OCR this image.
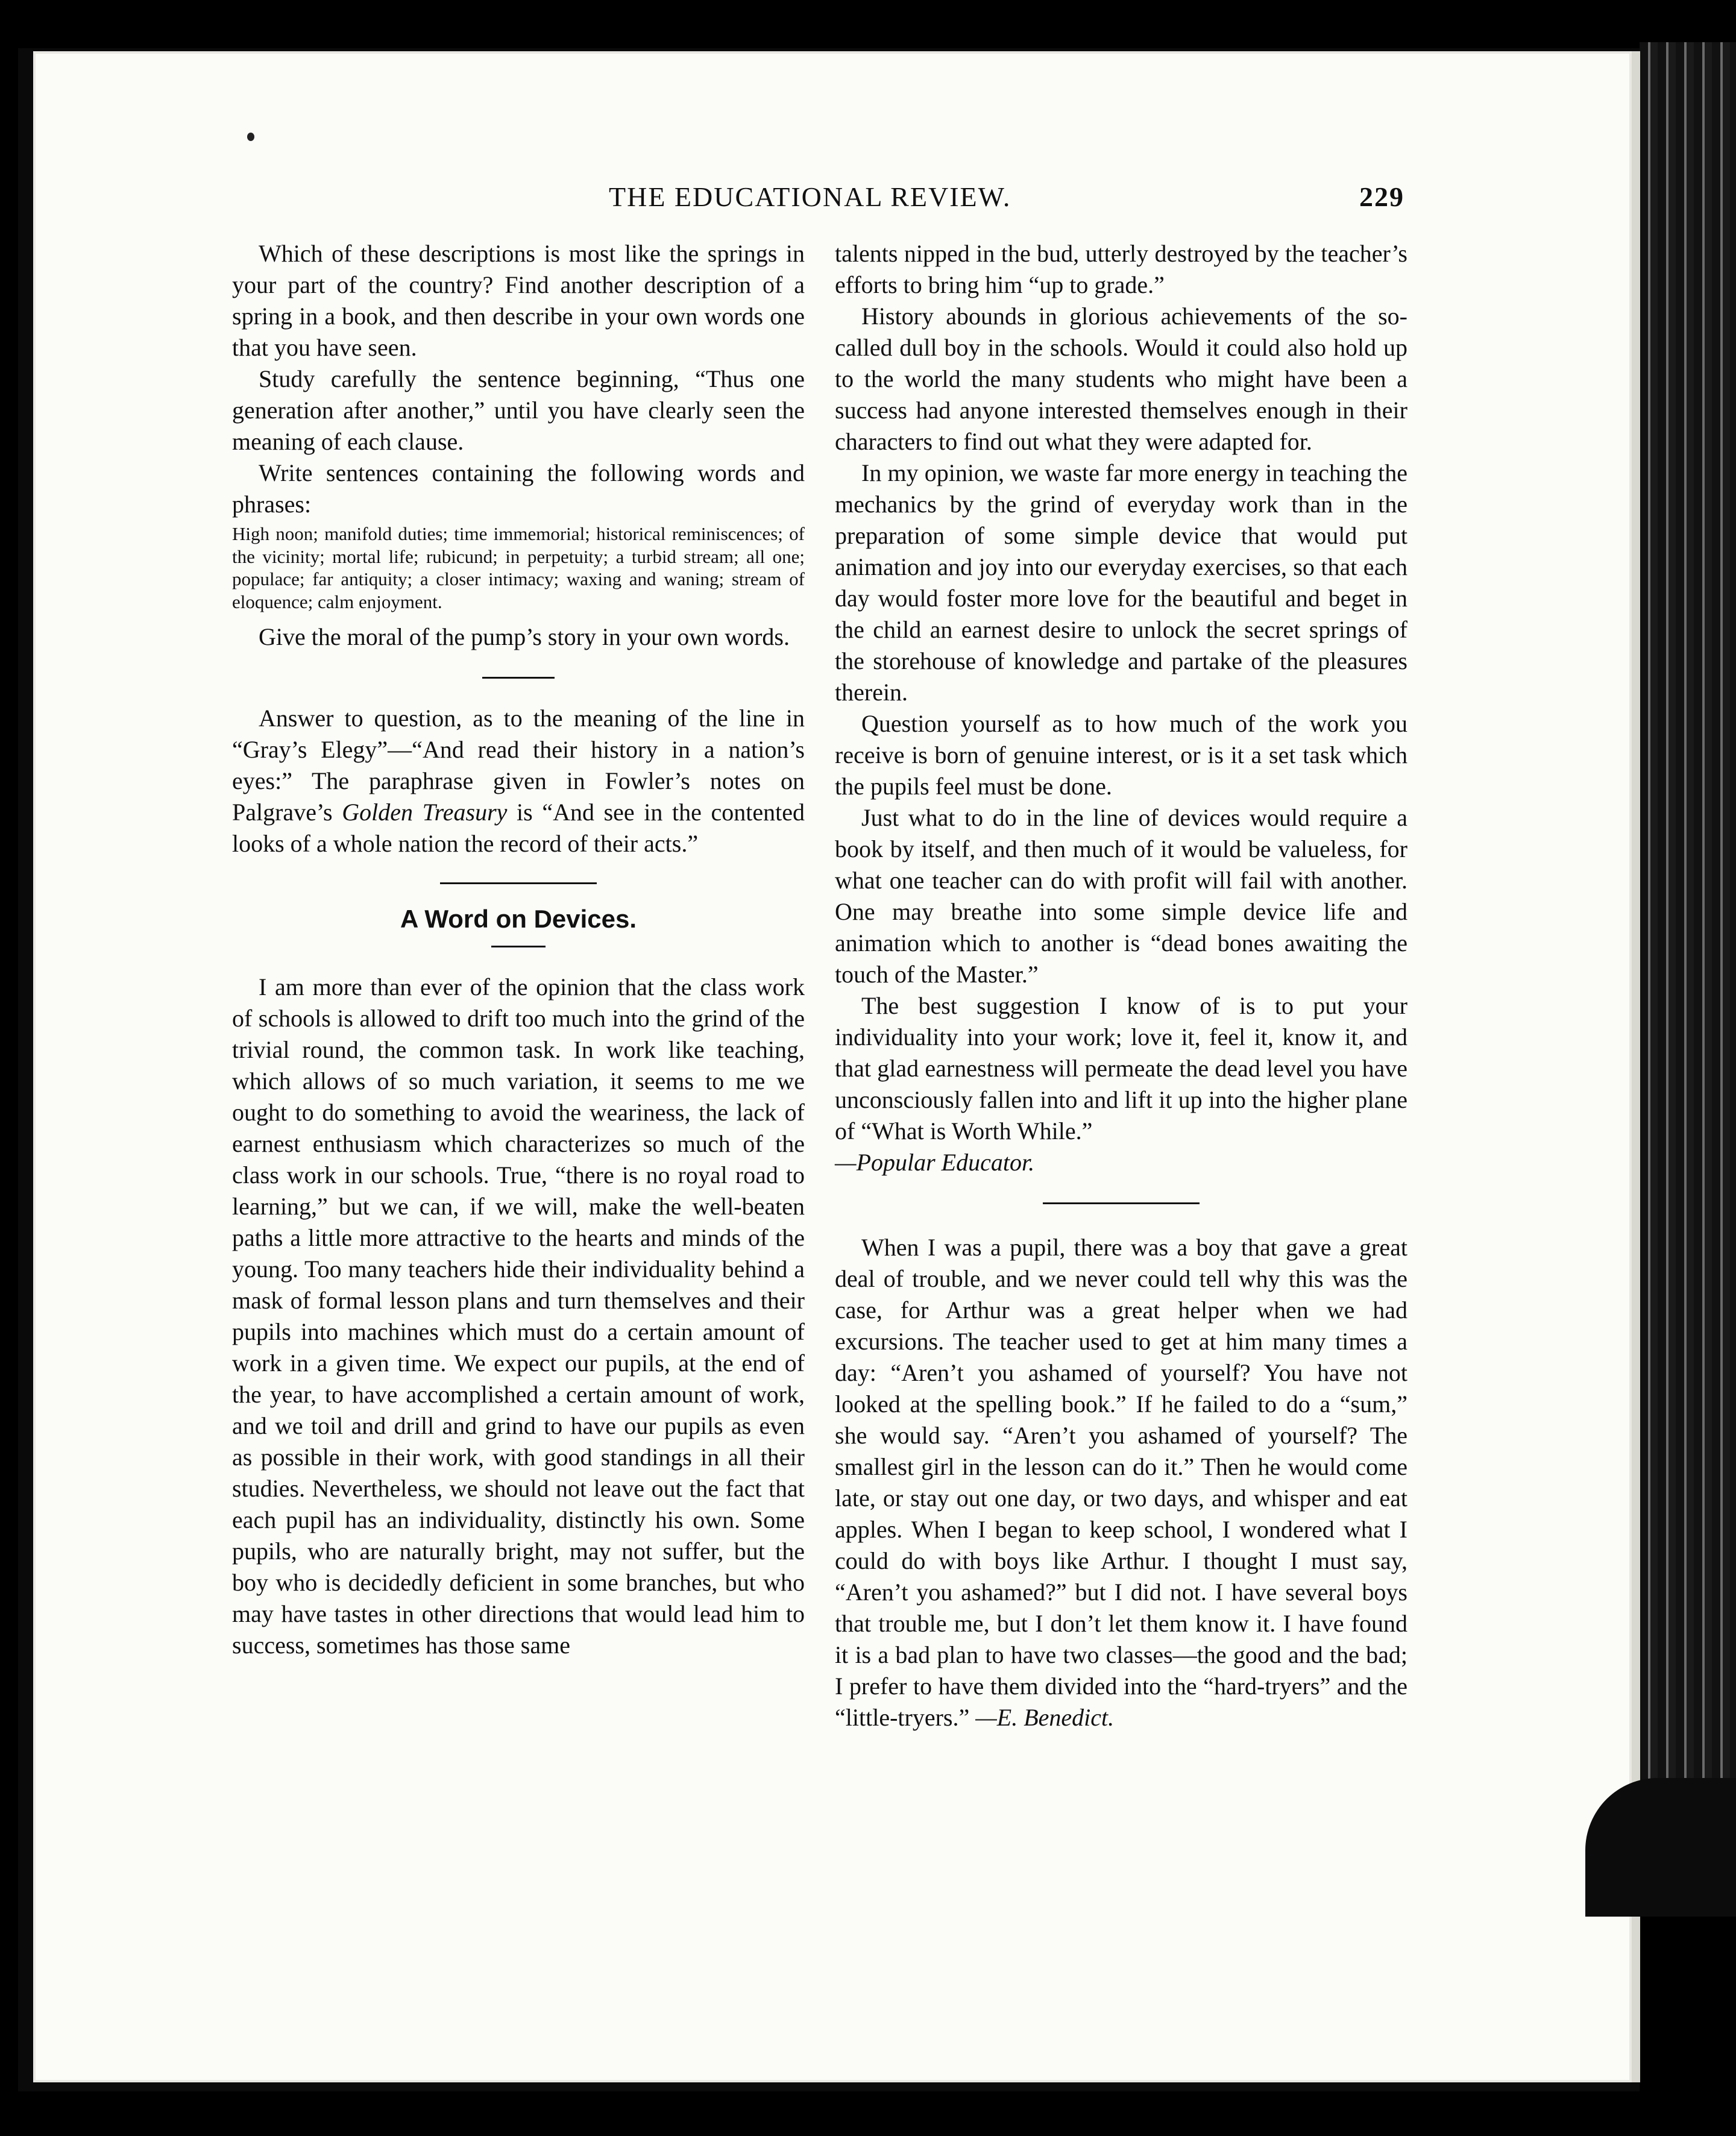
THE EDUCATIONAL REVIEW.	229

Which of these descriptions is most like the springs in your part of the country? Find another description of a spring in a book, and then describe in your own words one that you have seen.

Study carefully the sentence beginning, “Thus one generation after another,” until you have clearly seen the meaning of each clause.

Write sentences containing the following words and phrases:

High noon; manifold duties; time immemorial; historical reminiscences; of the vicinity; mortal life; rubicund; in perpetuity; a turbid stream; all one; populace; far antiquity; a closer intimacy; waxing and waning; stream of eloquence; calm enjoyment.

Give the moral of the pump’s story in your own words.

Answer to question, as to the meaning of the line in “Gray’s Elegy”—“And read their history in a nation’s eyes:” The paraphrase given in Fowler’s notes on Palgrave’s Golden Treasury is “And see in the contented looks of a whole nation the record of their acts.”

A Word on Devices.

I am more than ever of the opinion that the class work of schools is allowed to drift too much into the grind of the trivial round, the common task. In work like teaching, which allows of so much variation, it seems to me we ought to do something to avoid the weariness, the lack of earnest enthusiasm which characterizes so much of the class work in our schools. True, “there is no royal road to learning,” but we can, if we will, make the well-beaten paths a little more attractive to the hearts and minds of the young. Too many teachers hide their individuality behind a mask of formal lesson plans and turn themselves and their pupils into machines which must do a certain amount of work in a given time. We expect our pupils, at the end of the year, to have accomplished a certain amount of work, and we toil and drill and grind to have our pupils as even as possible in their work, with good standings in all their studies. Nevertheless, we should not leave out the fact that each pupil has an individuality, distinctly his own. Some pupils, who are naturally bright, may not suffer, but the boy who is decidedly deficient in some branches, but who may have tastes in other directions that would lead him to success, sometimes has those same

talents nipped in the bud, utterly destroyed by the teacher’s efforts to bring him “up to grade.”

History abounds in glorious achievements of the so-called dull boy in the schools. Would it could also hold up to the world the many students who might have been a success had anyone interested themselves enough in their characters to find out what they were adapted for.

In my opinion, we waste far more energy in teaching the mechanics by the grind of everyday work than in the preparation of some simple device that would put animation and joy into our everyday exercises, so that each day would foster more love for the beautiful and beget in the child an earnest desire to unlock the secret springs of the storehouse of knowledge and partake of the pleasures therein.

Question yourself as to how much of the work you receive is born of genuine interest, or is it a set task which the pupils feel must be done.

Just what to do in the line of devices would require a book by itself, and then much of it would be valueless, for what one teacher can do with profit will fail with another. One may breathe into some simple device life and animation which to another is “dead bones awaiting the touch of the Master.”

The best suggestion I know of is to put your individuality into your work; love it, feel it, know it, and that glad earnestness will permeate the dead level you have unconsciously fallen into and lift it up into the higher plane of “What is Worth While.”

—Popular Educator.

When I was a pupil, there was a boy that gave a great deal of trouble, and we never could tell why this was the case, for Arthur was a great helper when we had excursions. The teacher used to get at him many times a day: “Aren’t you ashamed of yourself? You have not looked at the spelling book.” If he failed to do a “sum,” she would say. “Aren’t you ashamed of yourself? The smallest girl in the lesson can do it.” Then he would come late, or stay out one day, or two days, and whisper and eat apples. When I began to keep school, I wondered what I could do with boys like Arthur. I thought I must say, “Aren’t you ashamed?” but I did not. I have several boys that trouble me, but I don’t let them know it. I have found it is a bad plan to have two classes—the good and the bad; I prefer to have them divided into the “hard-tryers” and the “little-tryers.” —E. Benedict.
